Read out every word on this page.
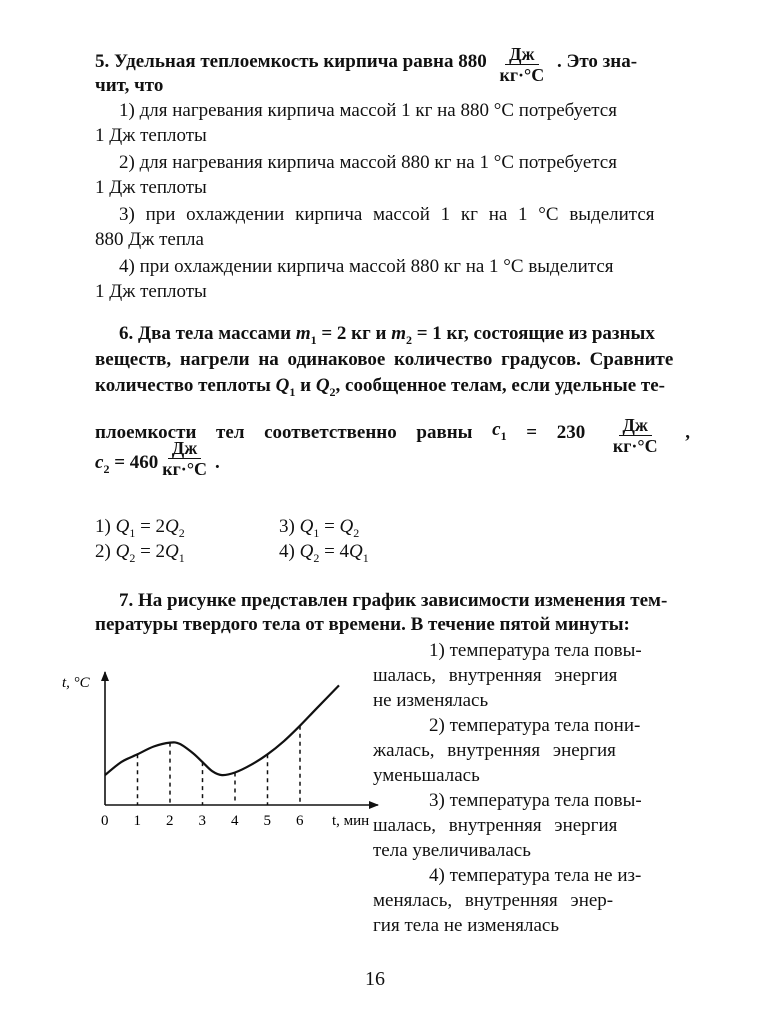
5. Удельная теплоемкость кирпича равна $880 \frac{Дж}{кг\cdot^\circ С}$ . Это зна-
чит, что
1) для нагревания кирпича массой 1 кг на 880 °С потребуется
1 Дж теплоты
2) для нагревания кирпича массой 880 кг на 1 °С потребуется
1 Дж теплоты
3) при охлаждении кирпича массой 1 кг на 1 °С выделится
880 Дж тепла
4) при охлаждении кирпича массой 880 кг на 1 °С выделится
1 Дж теплоты
6. Два тела массами $m_1 = 2$ кг и $m_2 = 1$ кг, состоящие из разных
веществ, нагрели на одинаковое количество градусов. Сравните
количество теплоты $Q_1$ и $Q_2$, сообщенное телам, если удельные те-
плоемкости тел соответственно равны $c_1 = 230 \frac{Дж}{кг\cdot^\circ С}$ ,
$c_2 = 460 \frac{Дж}{кг\cdot^\circ С}$ .
1) $Q_1 = 2Q_2$
2) $Q_2 = 2Q_1$
3) $Q_1 = Q_2$
4) $Q_2 = 4Q_1$
7. На рисунке представлен график зависимости изменения тем-
пературы твердого тела от времени. В течение пятой минуты:
1) температура тела повы-
шалась, внутренняя энергия
не изменялась
2) температура тела пони-
жалась, внутренняя энергия
уменьшалась
3) температура тела повы-
шалась, внутренняя энергия
тела увеличивалась
4) температура тела не из-
менялась, внутренняя энер-
гия тела не изменялась
t, °С
t, мин
0 1 2 3 4 5 6
16
